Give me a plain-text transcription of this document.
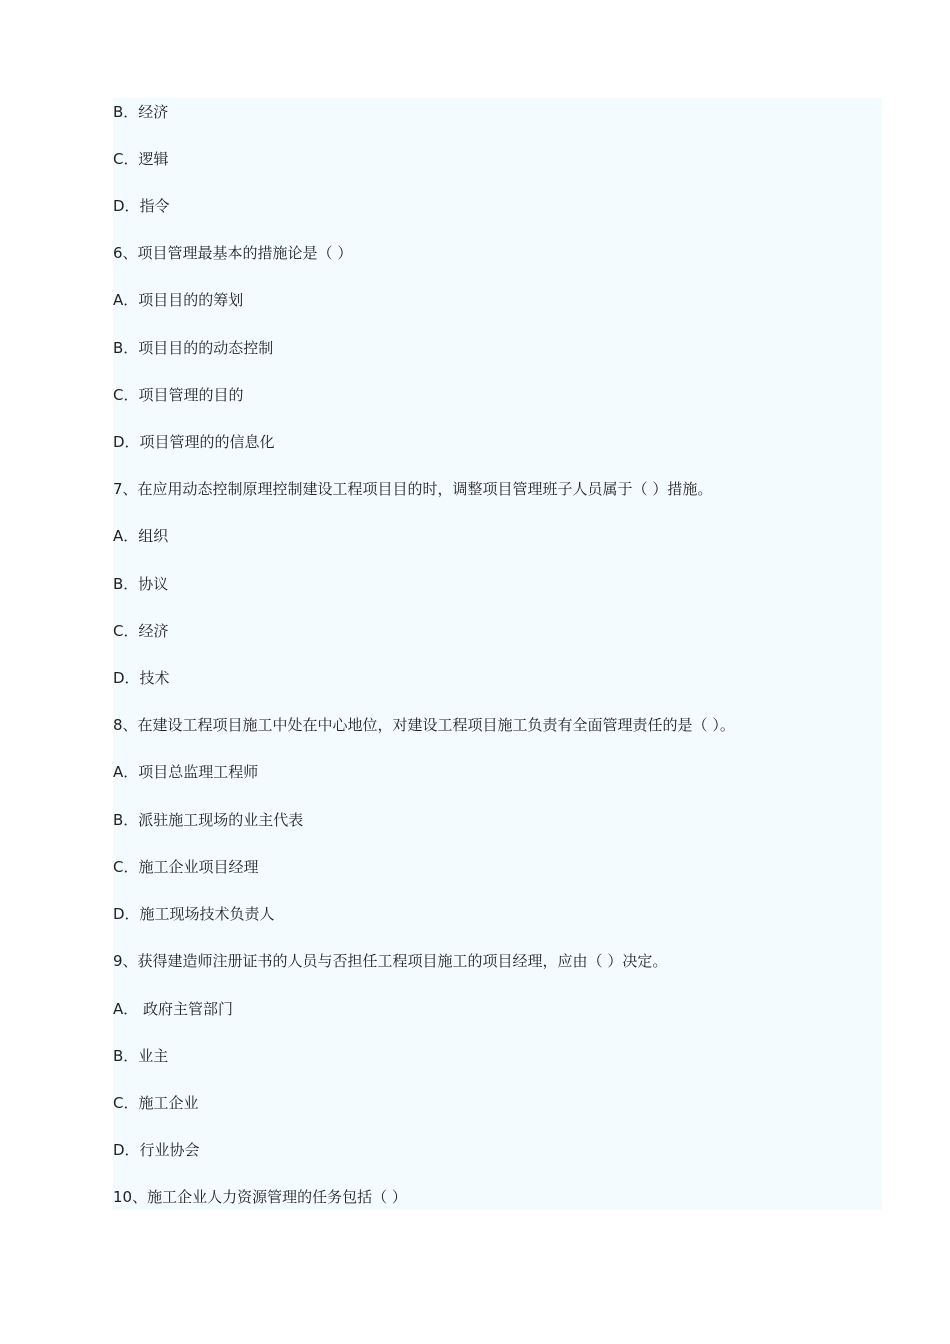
B．经济
C．逻辑
D．指令
6、项目管理最基本的措施论是（ ）
A．项目目的的筹划
B．项目目的的动态控制
C．项目管理的目的
D．项目管理的的信息化
7、在应用动态控制原理控制建设工程项目目的时，调整项目管理班子人员属于（ ）措施。
A．组织
B．协议
C．经济
D．技术
8、在建设工程项目施工中处在中心地位，对建设工程项目施工负责有全面管理责任的是（ ）。
A．项目总监理工程师
B．派驻施工现场的业主代表
C．施工企业项目经理
D．施工现场技术负责人
9、获得建造师注册证书的人员与否担任工程项目施工的项目经理，应由（ ）决定。
A． 政府主管部门
B．业主
C．施工企业
D．行业协会
10、施工企业人力资源管理的任务包括（ ）
